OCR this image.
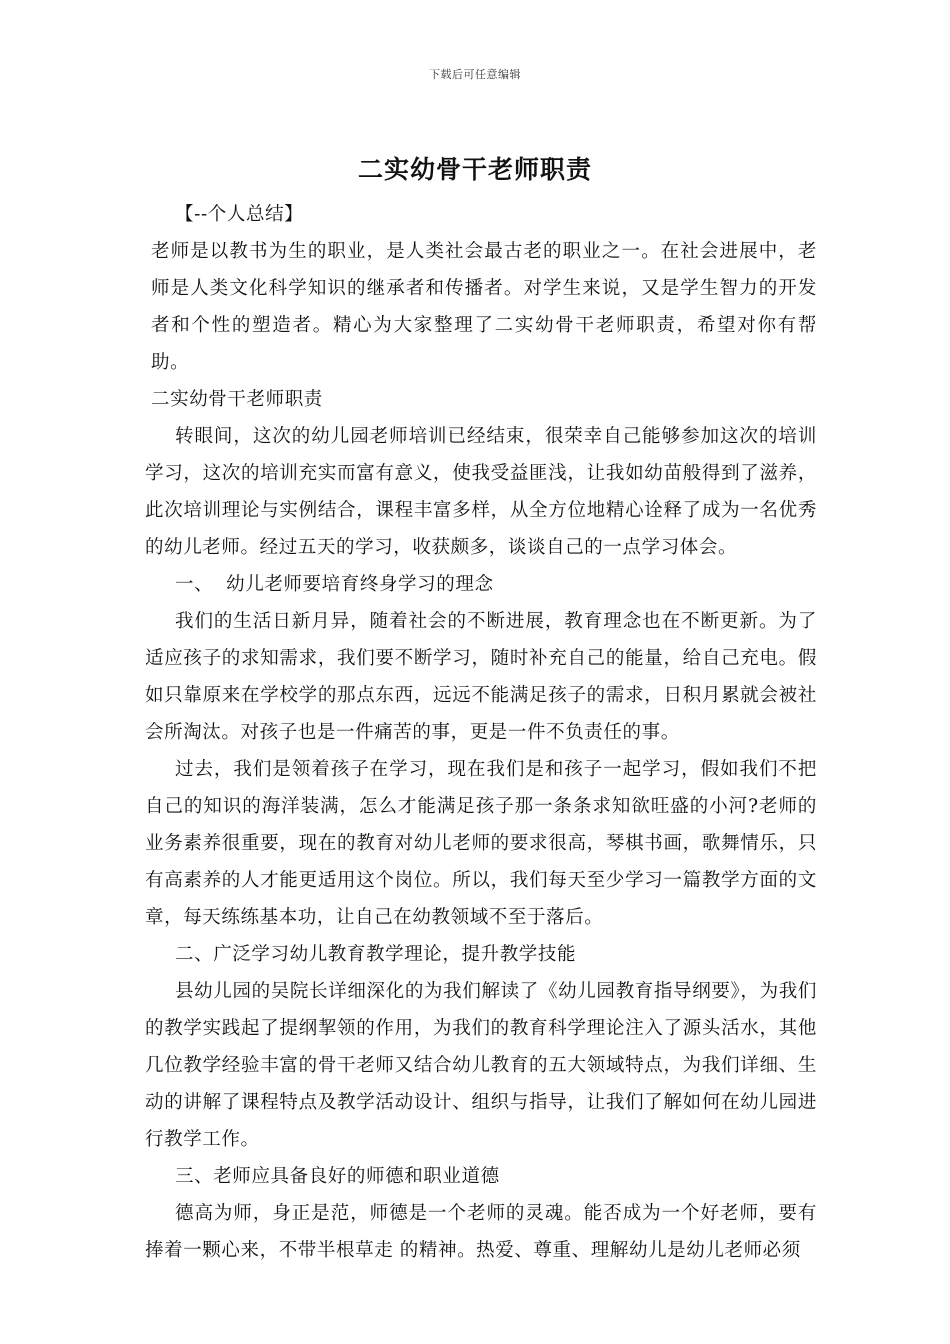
下载后可任意编辑
二实幼骨干老师职责

【--个人总结】

老师是以教书为生的职业，是人类社会最古老的职业之一。在社会进展中，老师是人类文化科学知识的继承者和传播者。对学生来说，又是学生智力的开发者和个性的塑造者。精心为大家整理了二实幼骨干老师职责，希望对你有帮助。

二实幼骨干老师职责

转眼间，这次的幼儿园老师培训已经结束，很荣幸自己能够参加这次的培训学习，这次的培训充实而富有意义，使我受益匪浅，让我如幼苗般得到了滋养，此次培训理论与实例结合，课程丰富多样，从全方位地精心诠释了成为一名优秀的幼儿老师。经过五天的学习，收获颇多，谈谈自己的一点学习体会。

一、  幼儿老师要培育终身学习的理念

我们的生活日新月异，随着社会的不断进展，教育理念也在不断更新。为了适应孩子的求知需求，我们要不断学习，随时补充自己的能量，给自己充电。假如只靠原来在学校学的那点东西，远远不能满足孩子的需求，日积月累就会被社会所淘汰。对孩子也是一件痛苦的事，更是一件不负责任的事。

过去，我们是领着孩子在学习，现在我们是和孩子一起学习，假如我们不把自己的知识的海洋装满，怎么才能满足孩子那一条条求知欲旺盛的小河?老师的业务素养很重要，现在的教育对幼儿老师的要求很高，琴棋书画，歌舞情乐，只有高素养的人才能更适用这个岗位。所以，我们每天至少学习一篇教学方面的文章，每天练练基本功，让自己在幼教领域不至于落后。

二、广泛学习幼儿教育教学理论，提升教学技能

县幼儿园的吴院长详细深化的为我们解读了《幼儿园教育指导纲要》，为我们的教学实践起了提纲挈领的作用，为我们的教育科学理论注入了源头活水，其他几位教学经验丰富的骨干老师又结合幼儿教育的五大领域特点，为我们详细、生动的讲解了课程特点及教学活动设计、组织与指导，让我们了解如何在幼儿园进行教学工作。

三、老师应具备良好的师德和职业道德

德高为师，身正是范，师德是一个老师的灵魂。能否成为一个好老师，要有捧着一颗心来，不带半根草走 的精神。热爱、尊重、理解幼儿是幼儿老师必须
